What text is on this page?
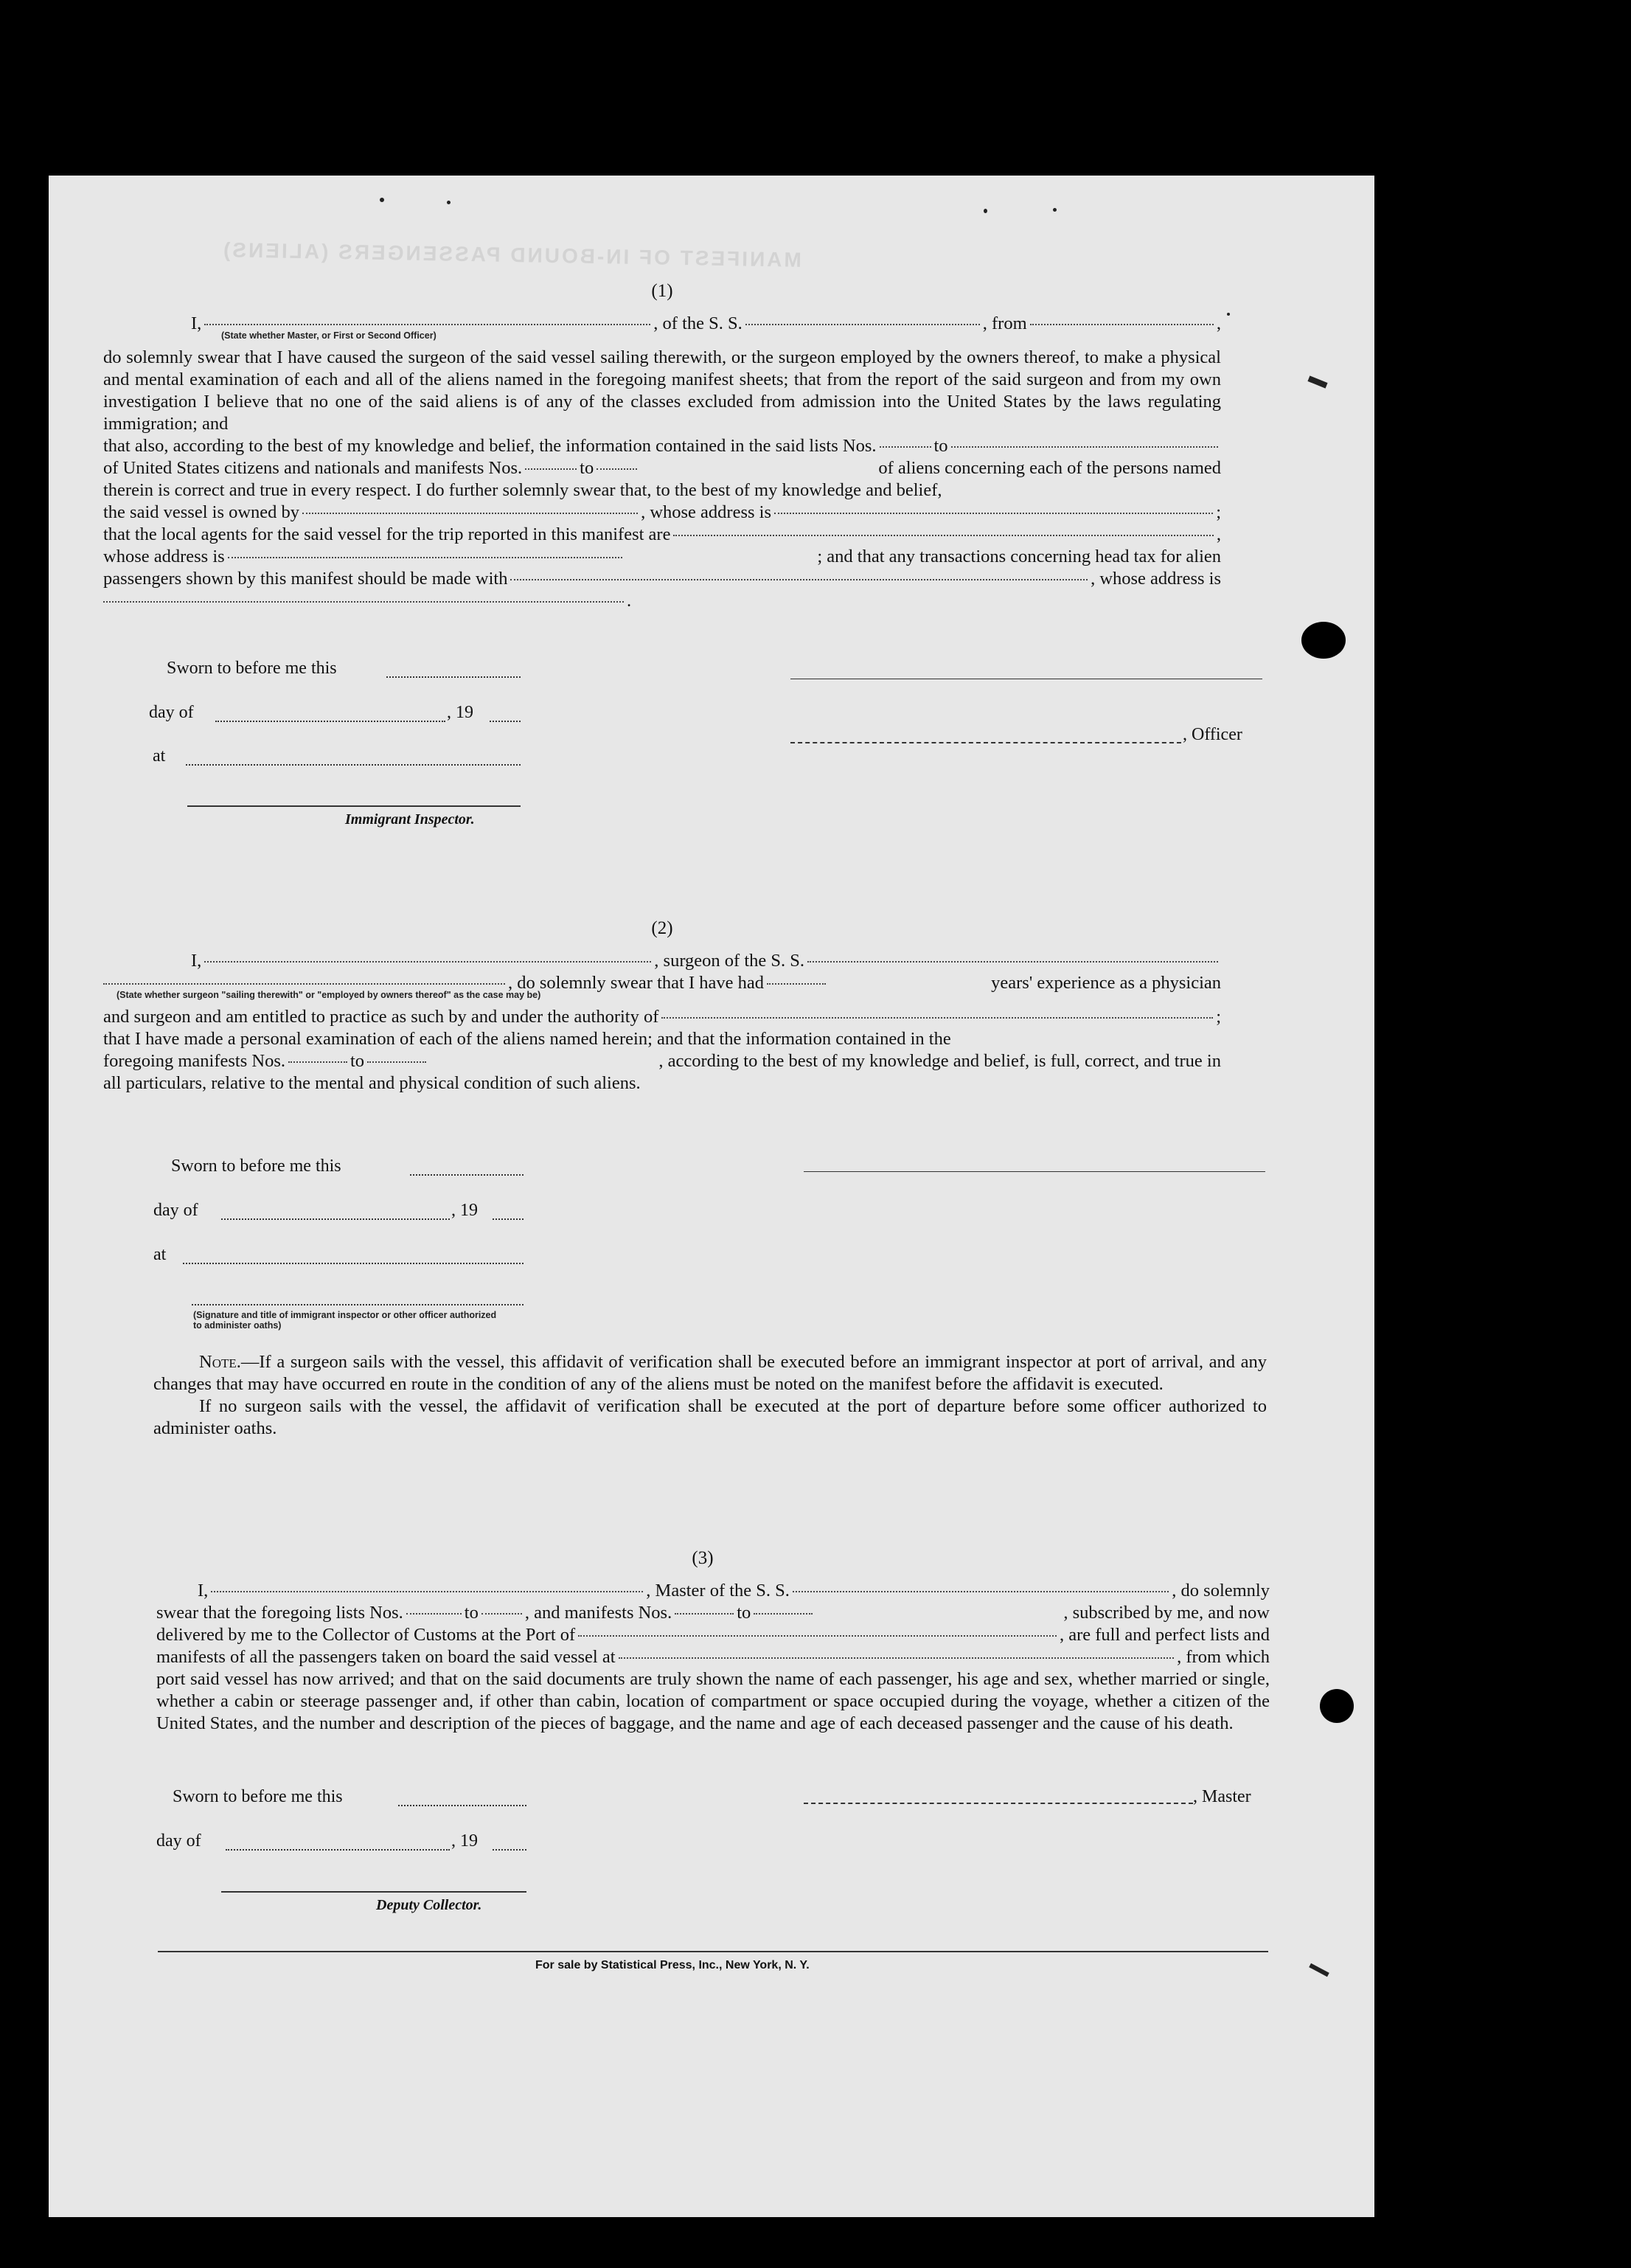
MANIFEST OF IN-BOUND PASSENGERS (ALIENS)

(1)

I,	, of the S. S.	, from	,
(State whether Master, or First or Second Officer)

do solemnly swear that I have caused the surgeon of the said vessel sailing therewith, or the surgeon employed by the owners thereof, to make a physical and mental examination of each and all of the aliens named in the foregoing manifest sheets; that from the report of the said surgeon and from my own investigation I believe that no one of the said aliens is of any of the classes excluded from admission into the United States by the laws regulating immigration; and

that also, according to the best of my knowledge and belief, the information contained in the said lists Nos.	to
of United States citizens and nationals and manifests Nos.	to	of aliens concerning each of the persons named
therein is correct and true in every respect. I do further solemnly swear that, to the best of my knowledge and belief,
the said vessel is owned by	, whose address is	;
that the local agents for the said vessel for the trip reported in this manifest are	,
whose address is	; and that any transactions concerning head tax for alien
passengers shown by this manifest should be made with	, whose address is
.
Sworn to before me this
day of	, 19
at
Immigrant Inspector.
, Officer

(2)

I,	, surgeon of the S. S.
, do solemnly swear that I have had	years' experience as a physician
(State whether surgeon "sailing therewith" or "employed by owners thereof" as the case may be)
and surgeon and am entitled to practice as such by and under the authority of	;
that I have made a personal examination of each of the aliens named herein; and that the information contained in the
foregoing manifests Nos.	to	, according to the best of my knowledge and belief, is full, correct, and true in
all particulars, relative to the mental and physical condition of such aliens.
Sworn to before me this
day of	, 19
at
(Signature and title of immigrant inspector or other officer authorized to administer oaths)

Note.—If a surgeon sails with the vessel, this affidavit of verification shall be executed before an immigrant inspector at port of arrival, and any changes that may have occurred en route in the condition of any of the aliens must be noted on the manifest before the affidavit is executed.

If no surgeon sails with the vessel, the affidavit of verification shall be executed at the port of departure before some officer authorized to administer oaths.

(3)

I,	, Master of the S. S.	, do solemnly
swear that the foregoing lists Nos.	to	, and manifests Nos.	to	, subscribed by me, and now
delivered by me to the Collector of Customs at the Port of	, are full and perfect lists and
manifests of all the passengers taken on board the said vessel at	, from which

port said vessel has now arrived; and that on the said documents are truly shown the name of each passenger, his age and sex, whether married or single, whether a cabin or steerage passenger and, if other than cabin, location of compartment or space occupied during the voyage, whether a citizen of the United States, and the number and description of the pieces of baggage, and the name and age of each deceased passenger and the cause of his death.

Sworn to before me this
day of	, 19
Deputy Collector.
, Master
For sale by Statistical Press, Inc., New York, N. Y.
